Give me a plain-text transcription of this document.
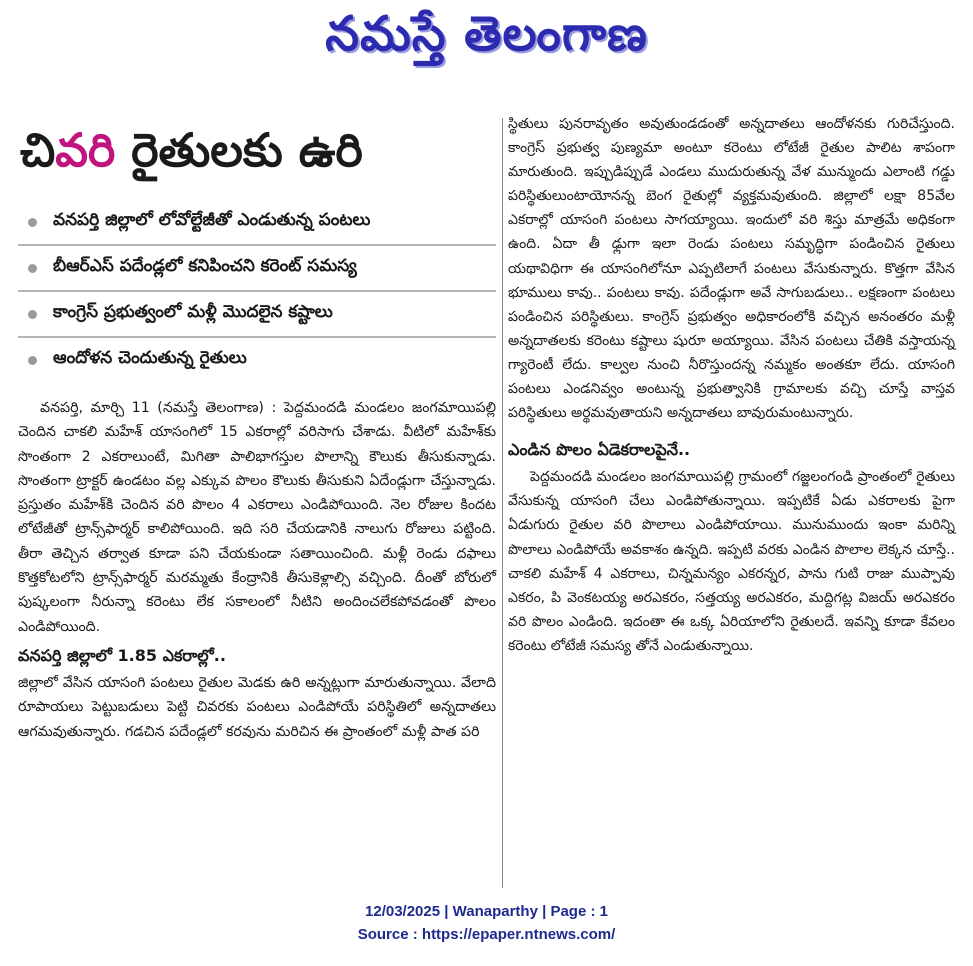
నమస్తే తెలంగాణ
చివరి రైతులకు ఉరి
వనపర్తి జిల్లాలో లోవోల్టేజీతో ఎండుతున్న పంటలు
బీఆర్‌ఎస్‌ పదేండ్లలో కనిపించని కరెంట్‌ సమస్య
కాంగ్రెస్‌ ప్రభుత్వంలో మళ్లీ మొదలైన కష్టాలు
ఆందోళన చెందుతున్న రైతులు

వనపర్తి, మార్చి 11 (నమస్తే తెలంగాణ) : పెద్దమందడి మండలం జంగమాయిపల్లి చెందిన చాకలి మహేశ్‌ యాసంగిలో 15 ఎకరాల్లో వరిసాగు చేశాడు. వీటిలో మహేశ్‌కు సొంతంగా 2 ఎకరాలుంటే, మిగితా పాలిభాగస్తుల పొలాన్ని కౌలుకు తీసుకున్నాడు. సొంతంగా ట్రాక్టర్‌ ఉండటం వల్ల ఎక్కువ పొలం కౌలుకు తీసుకుని ఏదేండ్లుగా చేస్తున్నాడు. ప్రస్తుతం మహేశ్‌కి చెందిన వరి పొలం 4 ఎకరాలు ఎండిపోయింది. నెల రోజుల కిందట లోటేజీతో ట్రాన్స్‌ఫార్మర్‌ కాలిపోయింది. ఇది సరి చేయడానికి నాలుగు రోజులు పట్టింది. తీరా తెచ్చిన తర్వాత కూడా పని చేయకుండా సతాయించింది. మళ్లీ రెండు దఫాలు కొత్తకోటలోని ట్రాన్స్‌ఫార్మర్‌ మరమ్మతు కేంద్రానికి తీసుకెళ్లాల్సి వచ్చింది. దీంతో బోరులో పుష్కలంగా నీరున్నా కరెంటు లేక సకాలంలో నీటిని అందించలేకపోవడంతో పొలం ఎండిపోయింది.

వనపర్తి జిల్లాలో 1.85 ఎకరాల్లో..

జిల్లాలో వేసిన యాసంగి పంటలు రైతుల మెడకు ఉరి అన్నట్లుగా మారుతున్నాయి. వేలాది రూపాయలు పెట్టుబడులు పెట్టి చివరకు పంటలు ఎండిపోయే పరిస్థితిలో అన్నదాతలు ఆగమవుతున్నారు. గడచిన పదేండ్లలో కరవును మరిచిన ఈ ప్రాంతంలో మళ్లీ పాత పరి

స్థితులు పునరావృతం అవుతుండడంతో అన్నదాతలు ఆందోళనకు గురిచేస్తుంది. కాంగ్రెస్‌ ప్రభుత్వ పుణ్యమా అంటూ కరెంటు లోటేజీ రైతుల పాలిట శాపంగా మారుతుంది. ఇప్పుడిప్పుడే ఎండలు ముదురుతున్న వేళ మున్ముందు ఎలాంటి గడ్డు పరిస్థితులుంటాయోనన్న బెంగ రైతుల్లో వ్యక్తమవుతుంది. జిల్లాలో లక్షా 85వేల ఎకరాల్లో యాసంగి పంటలు సాగయ్యాయి. ఇందులో వరి శిస్తు మాత్రమే అధికంగా ఉంది. ఏదా తీ ఢ్లుగా ఇలా రెండు పంటలు సమృద్ధిగా పండించిన రైతులు యథావిధిగా ఈ యాసంగిలోనూ ఎప్పటిలాగే పంటలు వేసుకున్నారు. కొత్తగా వేసిన భూములు కావు.. పంటలు కావు. పదేండ్లుగా అవే సాగుబడులు.. లక్షణంగా పంటలు పండించిన పరిస్థితులు. కాంగ్రెస్‌ ప్రభుత్వం అధికారంలోకి వచ్చిన అనంతరం మళ్లీ అన్నదాతలకు కరెంటు కష్టాలు షురూ అయ్యాయి. వేసిన పంటలు చేతికి వస్తాయన్న గ్యారెంటీ లేదు. కాల్వల నుంచి నీరొస్తుందన్న నమ్మకం అంతకూ లేదు. యాసంగి పంటలు ఎండనివ్వం అంటున్న ప్రభుత్వానికి గ్రామాలకు వచ్చి చూస్తే వాస్తవ పరిస్థితులు అర్థమవుతాయని అన్నదాతలు బావురుమంటున్నారు.

ఎండిన పొలం ఏడెకరాలపైనే..

పెద్దమందడి మండలం జంగమాయిపల్లి గ్రామంలో గజ్జలంగండి ప్రాంతంలో రైతులు వేసుకున్న యాసంగి చేలు ఎండిపోతున్నాయి. ఇప్పటికే ఏడు ఎకరాలకు పైగా ఏడుగురు రైతుల వరి పొలాలు ఎండిపోయాయి. మునుముందు ఇంకా మరిన్ని పొలాలు ఎండిపోయే అవకాశం ఉన్నది. ఇప్పటి వరకు ఎండిన పొలాల లెక్కన చూస్తే.. చాకలి మహేశ్‌ 4 ఎకరాలు, చిన్నమన్యం ఎకరన్నర, పాను గుటి రాజు ముప్పావు ఎకరం, పి వెంకటయ్య అరఎకరం, సత్తయ్య అరఎకరం, మద్దిగట్ల విజయ్‌ అరఎకరం వరి పొలం ఎండింది. ఇదంతా ఈ ఒక్క ఏరియాలోని రైతులదే. ఇవన్ని కూడా కేవలం కరెంటు లోటేజీ సమస్య తోనే ఎండుతున్నాయి.

12/03/2025 | Wanaparthy | Page : 1
Source : https://epaper.ntnews.com/
